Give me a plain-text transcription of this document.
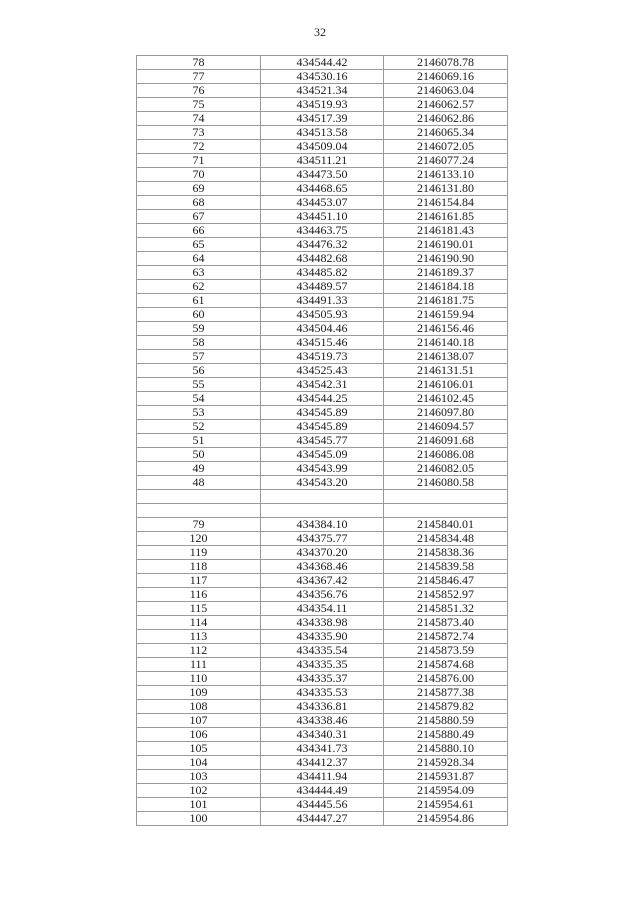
32
78	434544.42	2146078.78
77	434530.16	2146069.16
76	434521.34	2146063.04
75	434519.93	2146062.57
74	434517.39	2146062.86
73	434513.58	2146065.34
72	434509.04	2146072.05
71	434511.21	2146077.24
70	434473.50	2146133.10
69	434468.65	2146131.80
68	434453.07	2146154.84
67	434451.10	2146161.85
66	434463.75	2146181.43
65	434476.32	2146190.01
64	434482.68	2146190.90
63	434485.82	2146189.37
62	434489.57	2146184.18
61	434491.33	2146181.75
60	434505.93	2146159.94
59	434504.46	2146156.46
58	434515.46	2146140.18
57	434519.73	2146138.07
56	434525.43	2146131.51
55	434542.31	2146106.01
54	434544.25	2146102.45
53	434545.89	2146097.80
52	434545.89	2146094.57
51	434545.77	2146091.68
50	434545.09	2146086.08
49	434543.99	2146082.05
48	434543.20	2146080.58

79	434384.10	2145840.01
120	434375.77	2145834.48
119	434370.20	2145838.36
118	434368.46	2145839.58
117	434367.42	2145846.47
116	434356.76	2145852.97
115	434354.11	2145851.32
114	434338.98	2145873.40
113	434335.90	2145872.74
112	434335.54	2145873.59
111	434335.35	2145874.68
110	434335.37	2145876.00
109	434335.53	2145877.38
108	434336.81	2145879.82
107	434338.46	2145880.59
106	434340.31	2145880.49
105	434341.73	2145880.10
104	434412.37	2145928.34
103	434411.94	2145931.87
102	434444.49	2145954.09
101	434445.56	2145954.61
100	434447.27	2145954.86
